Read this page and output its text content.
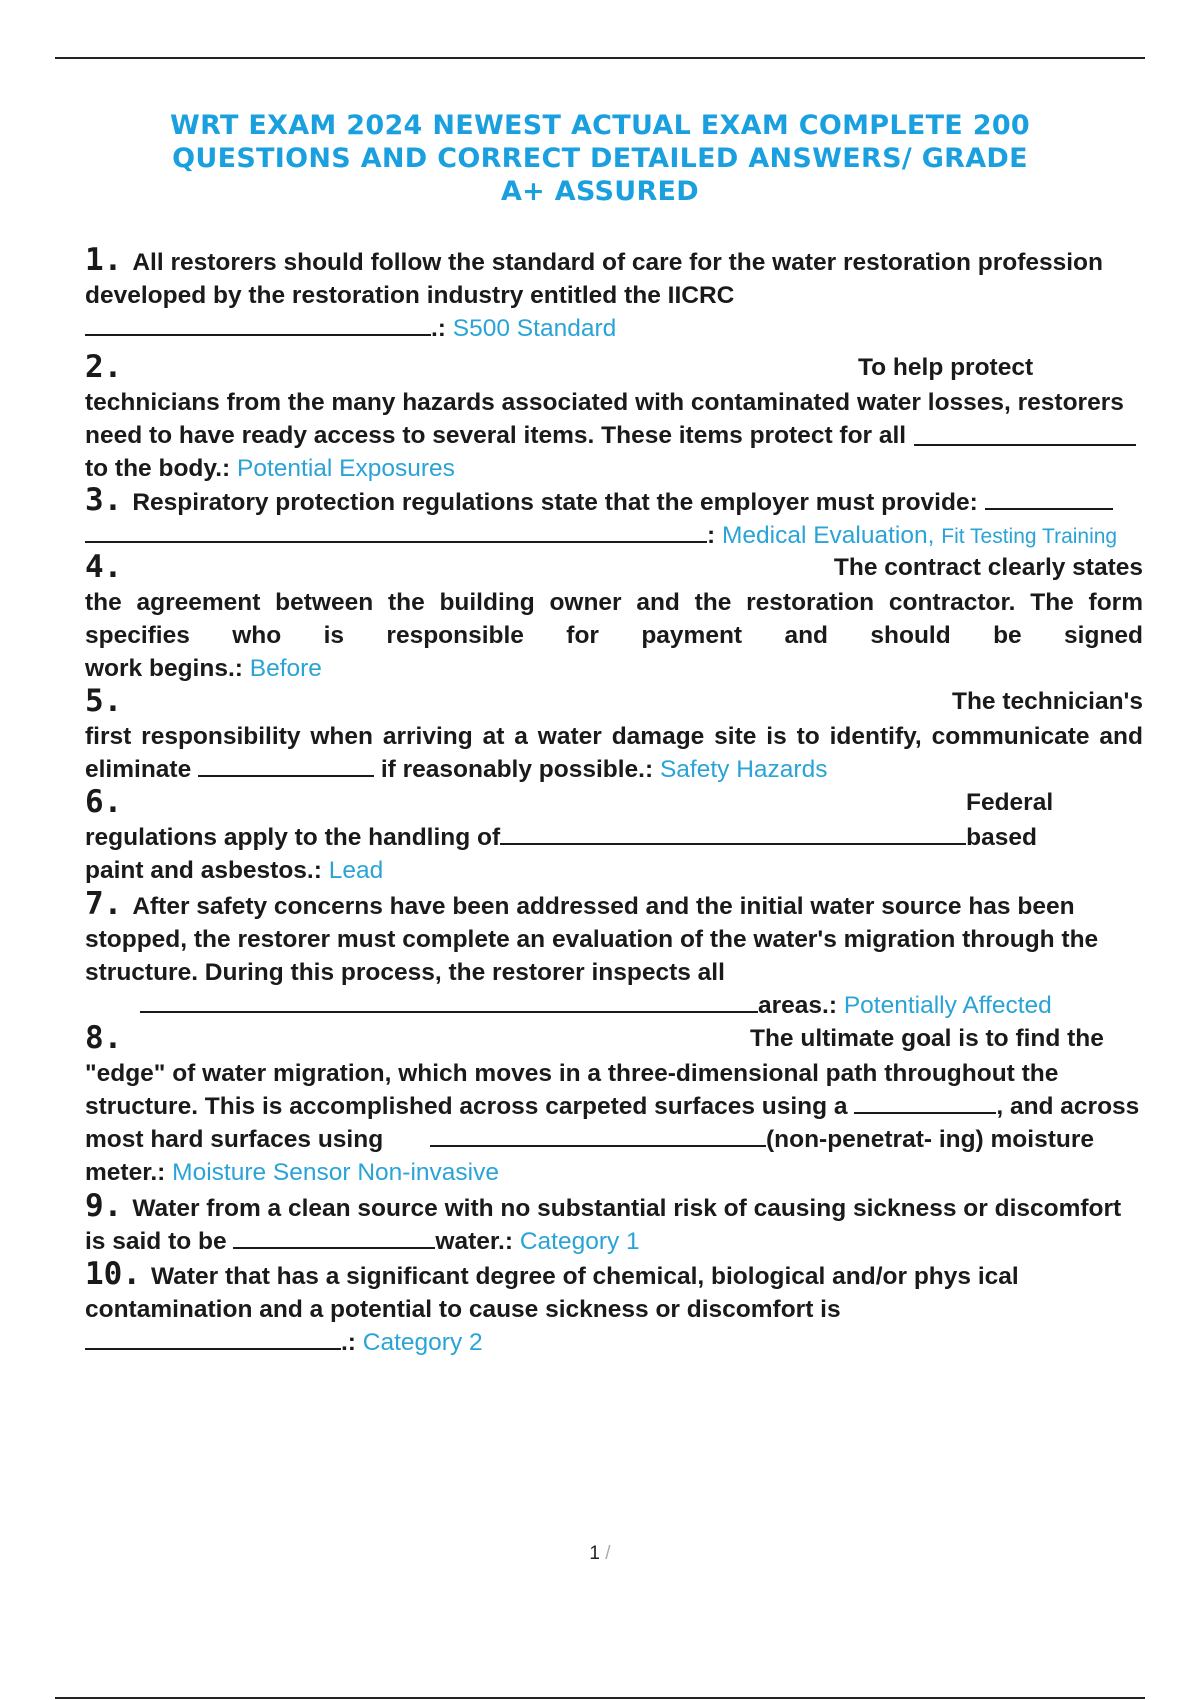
WRT EXAM 2024 NEWEST ACTUAL EXAM COMPLETE 200 QUESTIONS AND CORRECT DETAILED ANSWERS/ GRADE A+ ASSURED
1. All restorers should follow the standard of care for the water restoration profession developed by the restoration industry entitled the IICRC
.: S500 Standard
2.	To help protect
technicians from the many hazards associated with contaminated water losses, restorers need to have ready access to several items. These items protect for all
to the body.: Potential Exposures
3. Respiratory protection regulations state that the employer must provide:
: Medical Evaluation, Fit Testing Training
4.	The contract clearly states
the agreement between the building owner and the restoration contractor. The form specifies who is responsible for payment and should be signed
work begins.: Before
5.	The technician's
first responsibility when arriving at a water damage site is to identify, communicate and
eliminate	if reasonably possible.: Safety Hazards
6.	Federal
regulations apply to the handling of	based
paint and asbestos.: Lead
7. After safety concerns have been addressed and the initial water source has been stopped, the restorer must complete an evaluation of the water's migration through the structure. During this process, the restorer inspects all
areas.: Potentially Affected
8.	The ultimate goal is to find the
"edge" of water migration, which moves in a three-dimensional path throughout the
structure. This is accomplished across carpeted surfaces using a	, and across
most hard surfaces using	(non-penetrat- ing) moisture
meter.: Moisture Sensor Non-invasive
9. Water from a clean source with no substantial risk of causing sickness or discomfort
is said to be	water.: Category 1
10. Water that has a significant degree of chemical, biological and/or phys ical contamination and a potential to cause sickness or discomfort is
.: Category 2
1 /
